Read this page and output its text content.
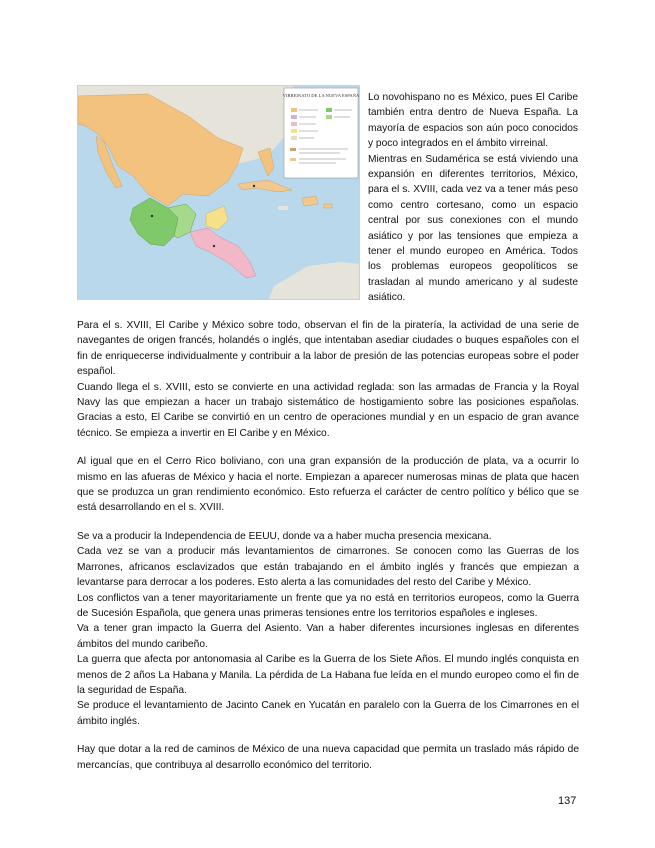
VIRREINATO DE LA NUEVA ESPAÑA Lo novohispano no es México, pues El Caribe también entra dentro de Nueva España. La mayoría de espacios son aún poco conocidos y poco integrados en el ámbito virreinal.

Mientras en Sudamérica se está viviendo una expansión en diferentes territorios, México, para el s. XVIII, cada vez va a tener más peso como centro cortesano, como un espacio central por sus conexiones con el mundo asiático y por las tensiones que empieza a tener el mundo europeo en América. Todos los problemas europeos geopolíticos se trasladan al mundo americano y al sudeste asiático.

Para el s. XVIII, El Caribe y México sobre todo, observan el fin de la piratería, la actividad de una serie de navegantes de origen francés, holandés o inglés, que intentaban asediar ciudades o buques españoles con el fin de enriquecerse individualmente y contribuir a la labor de presión de las potencias europeas sobre el poder español.

Cuando llega el s. XVIII, esto se convierte en una actividad reglada: son las armadas de Francia y la Royal Navy las que empiezan a hacer un trabajo sistemático de hostigamiento sobre las posiciones españolas. Gracias a esto, El Caribe se convirtió en un centro de operaciones mundial y en un espacio de gran avance técnico. Se empieza a invertir en El Caribe y en México.

Al igual que en el Cerro Rico boliviano, con una gran expansión de la producción de plata, va a ocurrir lo mismo en las afueras de México y hacia el norte. Empiezan a aparecer numerosas minas de plata que hacen que se produzca un gran rendimiento económico. Esto refuerza el carácter de centro político y bélico que se está desarrollando en el s. XVIII.

Se va a producir la Independencia de EEUU, donde va a haber mucha presencia mexicana.

Cada vez se van a producir más levantamientos de cimarrones. Se conocen como las Guerras de los Marrones, africanos esclavizados que están trabajando en el ámbito inglés y francés que empiezan a levantarse para derrocar a los poderes. Esto alerta a las comunidades del resto del Caribe y México.

Los conflictos van a tener mayoritariamente un frente que ya no está en territorios europeos, como la Guerra de Sucesión Española, que genera unas primeras tensiones entre los territorios españoles e ingleses.

Va a tener gran impacto la Guerra del Asiento. Van a haber diferentes incursiones inglesas en diferentes ámbitos del mundo caribeño.

La guerra que afecta por antonomasia al Caribe es la Guerra de los Siete Años. El mundo inglés conquista en menos de 2 años La Habana y Manila. La pérdida de La Habana fue leída en el mundo europeo como el fin de la seguridad de España.

Se produce el levantamiento de Jacinto Canek en Yucatán en paralelo con la Guerra de los Cimarrones en el ámbito inglés.

Hay que dotar a la red de caminos de México de una nueva capacidad que permita un traslado más rápido de mercancías, que contribuya al desarrollo económico del territorio.

137
